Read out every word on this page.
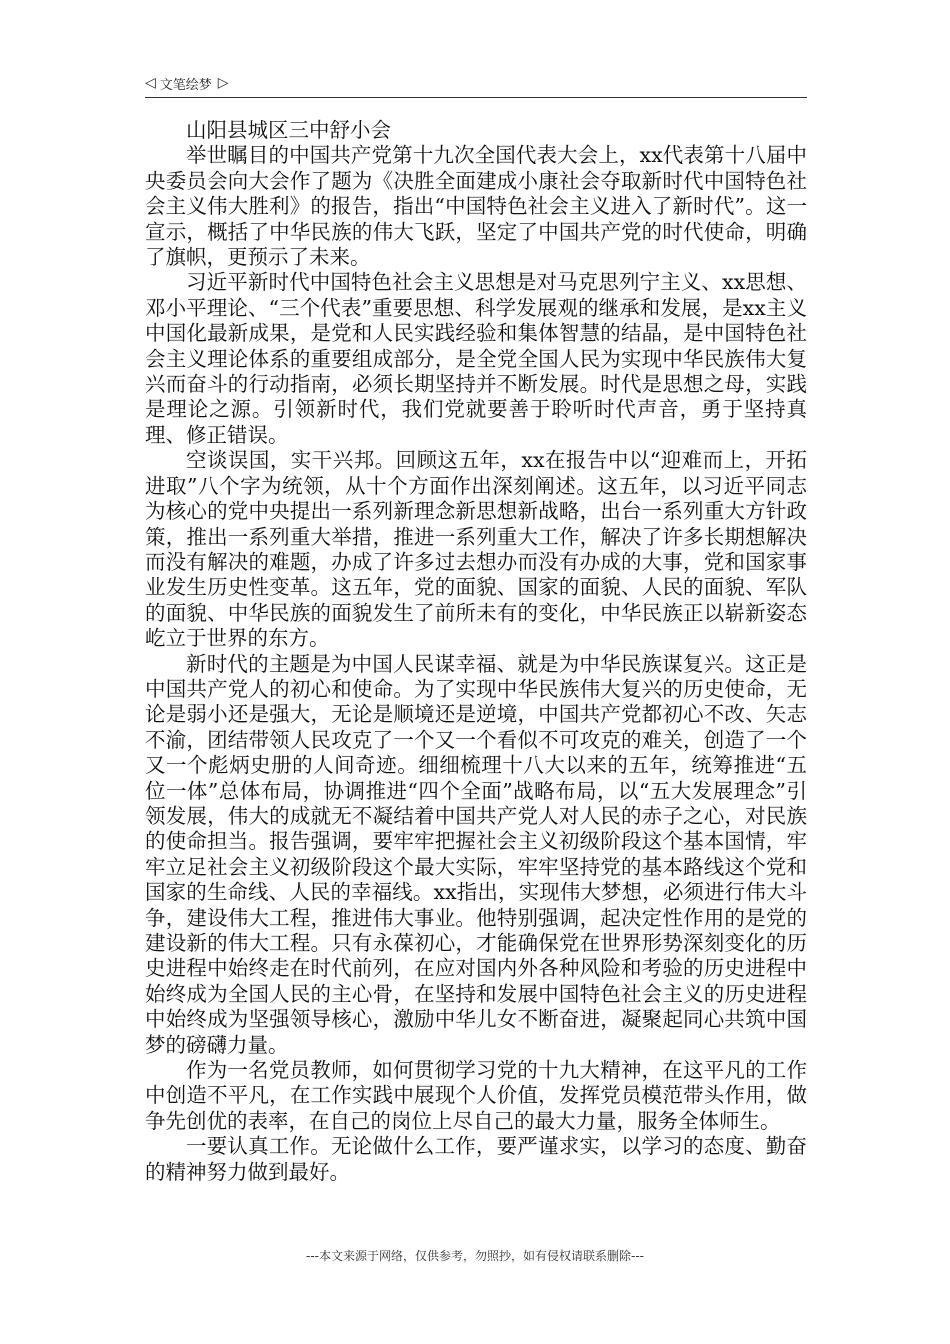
◁ 文笔绘梦 ▷

山阳县城区三中舒小会

举世瞩目的中国共产党第十九次全国代表大会上，xx代表第十八届中央委员会向大会作了题为《决胜全面建成小康社会夺取新时代中国特色社会主义伟大胜利》的报告，指出“中国特色社会主义进入了新时代”。这一宣示，概括了中华民族的伟大飞跃，坚定了中国共产党的时代使命，明确了旗帜，更预示了未来。

习近平新时代中国特色社会主义思想是对马克思列宁主义、xx思想、邓小平理论、“三个代表”重要思想、科学发展观的继承和发展，是xx主义中国化最新成果，是党和人民实践经验和集体智慧的结晶，是中国特色社会主义理论体系的重要组成部分，是全党全国人民为实现中华民族伟大复兴而奋斗的行动指南，必须长期坚持并不断发展。时代是思想之母，实践是理论之源。引领新时代，我们党就要善于聆听时代声音，勇于坚持真理、修正错误。

空谈误国，实干兴邦。回顾这五年，xx在报告中以“迎难而上，开拓进取”八个字为统领，从十个方面作出深刻阐述。这五年，以习近平同志为核心的党中央提出一系列新理念新思想新战略，出台一系列重大方针政策，推出一系列重大举措，推进一系列重大工作，解决了许多长期想解决而没有解决的难题，办成了许多过去想办而没有办成的大事，党和国家事业发生历史性变革。这五年，党的面貌、国家的面貌、人民的面貌、军队的面貌、中华民族的面貌发生了前所未有的变化，中华民族正以崭新姿态屹立于世界的东方。

新时代的主题是为中国人民谋幸福、就是为中华民族谋复兴。这正是中国共产党人的初心和使命。为了实现中华民族伟大复兴的历史使命，无论是弱小还是强大，无论是顺境还是逆境，中国共产党都初心不改、矢志不渝，团结带领人民攻克了一个又一个看似不可攻克的难关，创造了一个又一个彪炳史册的人间奇迹。细细梳理十八大以来的五年，统筹推进“五位一体”总体布局，协调推进“四个全面”战略布局，以“五大发展理念”引领发展，伟大的成就无不凝结着中国共产党人对人民的赤子之心，对民族的使命担当。报告强调，要牢牢把握社会主义初级阶段这个基本国情，牢牢立足社会主义初级阶段这个最大实际，牢牢坚持党的基本路线这个党和国家的生命线、人民的幸福线。xx指出，实现伟大梦想，必须进行伟大斗争，建设伟大工程，推进伟大事业。他特别强调，起决定性作用的是党的建设新的伟大工程。只有永葆初心，才能确保党在世界形势深刻变化的历史进程中始终走在时代前列，在应对国内外各种风险和考验的历史进程中始终成为全国人民的主心骨，在坚持和发展中国特色社会主义的历史进程中始终成为坚强领导核心，激励中华儿女不断奋进，凝聚起同心共筑中国梦的磅礴力量。

作为一名党员教师，如何贯彻学习党的十九大精神，在这平凡的工作中创造不平凡，在工作实践中展现个人价值，发挥党员模范带头作用，做争先创优的表率，在自己的岗位上尽自己的最大力量，服务全体师生。

一要认真工作。无论做什么工作，要严谨求实，以学习的态度、勤奋的精神努力做到最好。

---本文来源于网络，仅供参考，勿照抄，如有侵权请联系删除---
